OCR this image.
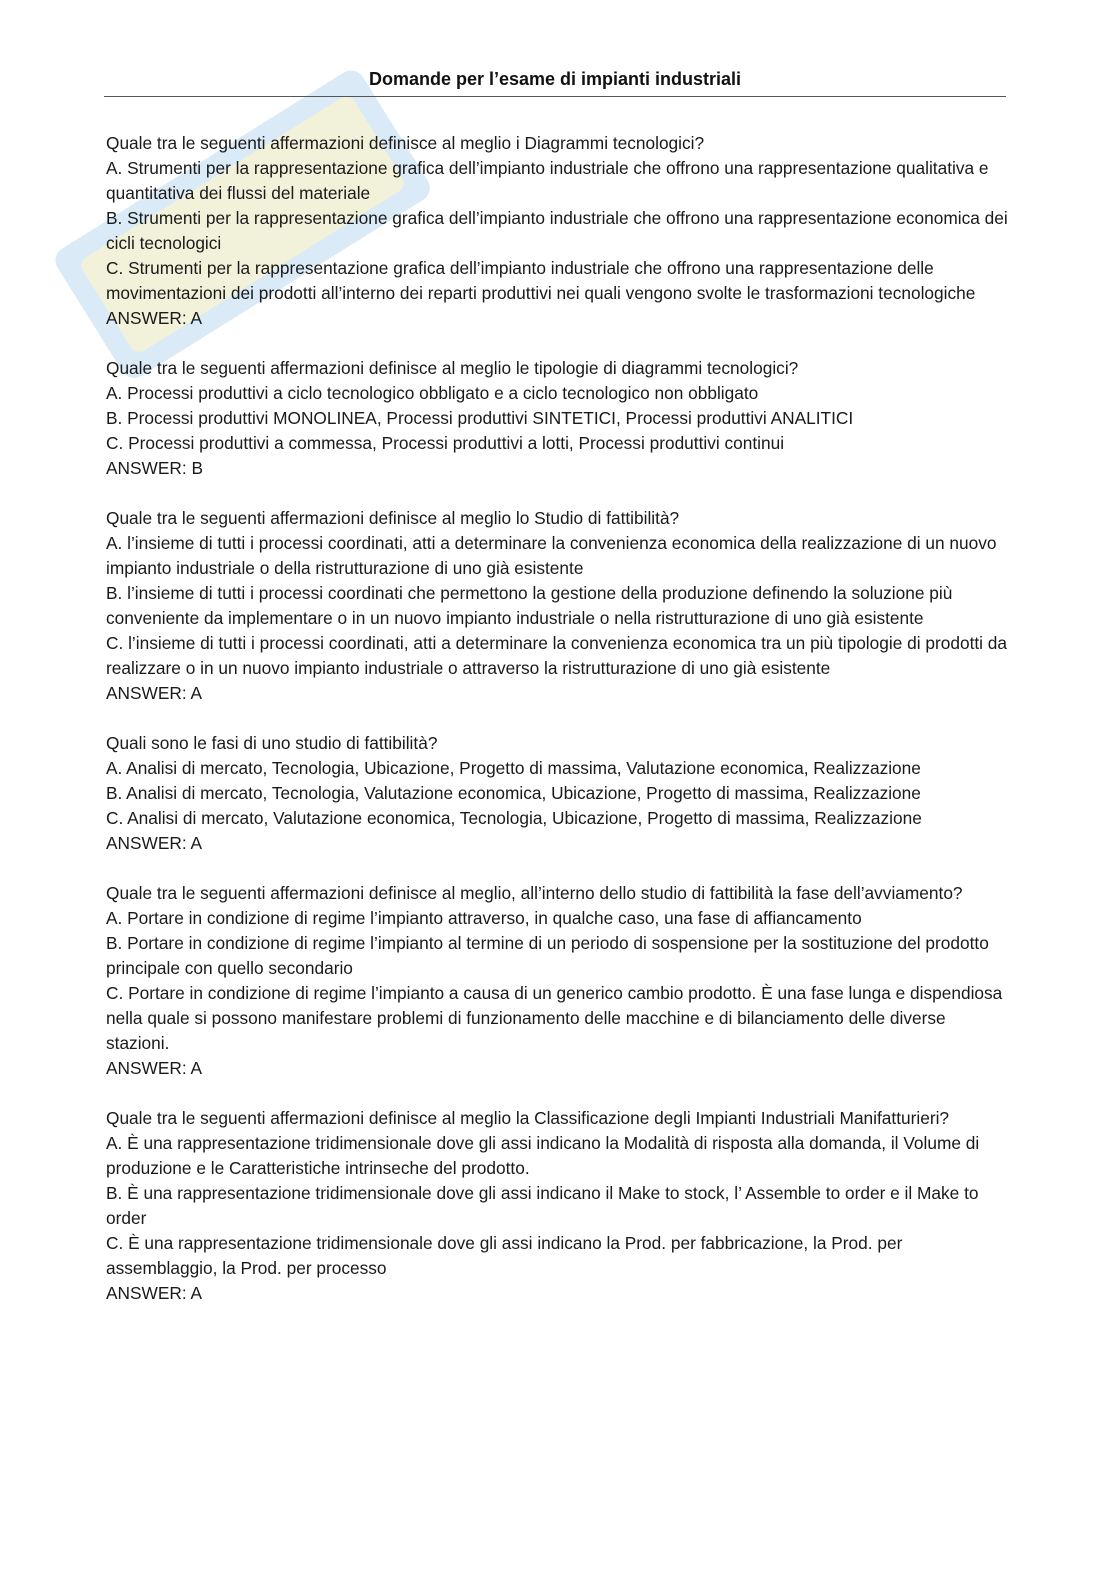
Domande per l’esame di impianti industriali
Quale tra le seguenti affermazioni definisce al meglio i Diagrammi tecnologici?
A. Strumenti per la rappresentazione grafica dell’impianto industriale che offrono una rappresentazione qualitativa e quantitativa dei flussi del materiale
B. Strumenti per la rappresentazione grafica dell’impianto industriale che offrono una rappresentazione economica dei cicli tecnologici
C. Strumenti per la rappresentazione grafica dell’impianto industriale che offrono una rappresentazione delle movimentazioni dei prodotti all’interno dei reparti produttivi nei quali vengono svolte le trasformazioni tecnologiche
ANSWER: A
Quale tra le seguenti affermazioni definisce al meglio le tipologie di diagrammi tecnologici?
A. Processi produttivi a ciclo tecnologico obbligato e a ciclo tecnologico non obbligato
B. Processi produttivi MONOLINEA, Processi produttivi SINTETICI, Processi produttivi ANALITICI
C. Processi produttivi a commessa, Processi produttivi a lotti, Processi produttivi continui
ANSWER: B
Quale tra le seguenti affermazioni definisce al meglio lo Studio di fattibilità?
A. l’insieme di tutti i processi coordinati, atti a determinare la convenienza economica della realizzazione di un nuovo impianto industriale o della ristrutturazione di uno già esistente
B. l’insieme di tutti i processi coordinati che permettono la gestione della produzione definendo la soluzione più conveniente da implementare o in un nuovo impianto industriale o nella ristrutturazione di uno già esistente
C. l’insieme di tutti i processi coordinati, atti a determinare la convenienza economica tra un più tipologie di prodotti da realizzare o in un nuovo impianto industriale o attraverso la ristrutturazione di uno già esistente
ANSWER: A
Quali sono le fasi di uno studio di fattibilità?
A. Analisi di mercato, Tecnologia, Ubicazione, Progetto di massima, Valutazione economica, Realizzazione
B. Analisi di mercato, Tecnologia, Valutazione economica, Ubicazione, Progetto di massima, Realizzazione
C. Analisi di mercato, Valutazione economica, Tecnologia, Ubicazione, Progetto di massima, Realizzazione
ANSWER: A
Quale tra le seguenti affermazioni definisce al meglio, all’interno dello studio di fattibilità la fase dell’avviamento?
A. Portare in condizione di regime l’impianto attraverso, in qualche caso, una fase di affiancamento
B. Portare in condizione di regime l’impianto al termine di un periodo di sospensione per la sostituzione del prodotto principale con quello secondario
C. Portare in condizione di regime l’impianto a causa di un generico cambio prodotto. È una fase lunga e dispendiosa nella quale si possono manifestare problemi di funzionamento delle macchine e di bilanciamento delle diverse stazioni.
ANSWER: A
Quale tra le seguenti affermazioni definisce al meglio la Classificazione degli Impianti Industriali Manifatturieri?
A. È una rappresentazione tridimensionale dove gli assi indicano la Modalità di risposta alla domanda, il Volume di produzione e le Caratteristiche intrinseche del prodotto.
B. È una rappresentazione tridimensionale dove gli assi indicano il Make to stock, l’ Assemble to order e il Make to order
C. È una rappresentazione tridimensionale dove gli assi indicano la Prod. per fabbricazione, la Prod. per assemblaggio, la Prod. per processo
ANSWER: A
